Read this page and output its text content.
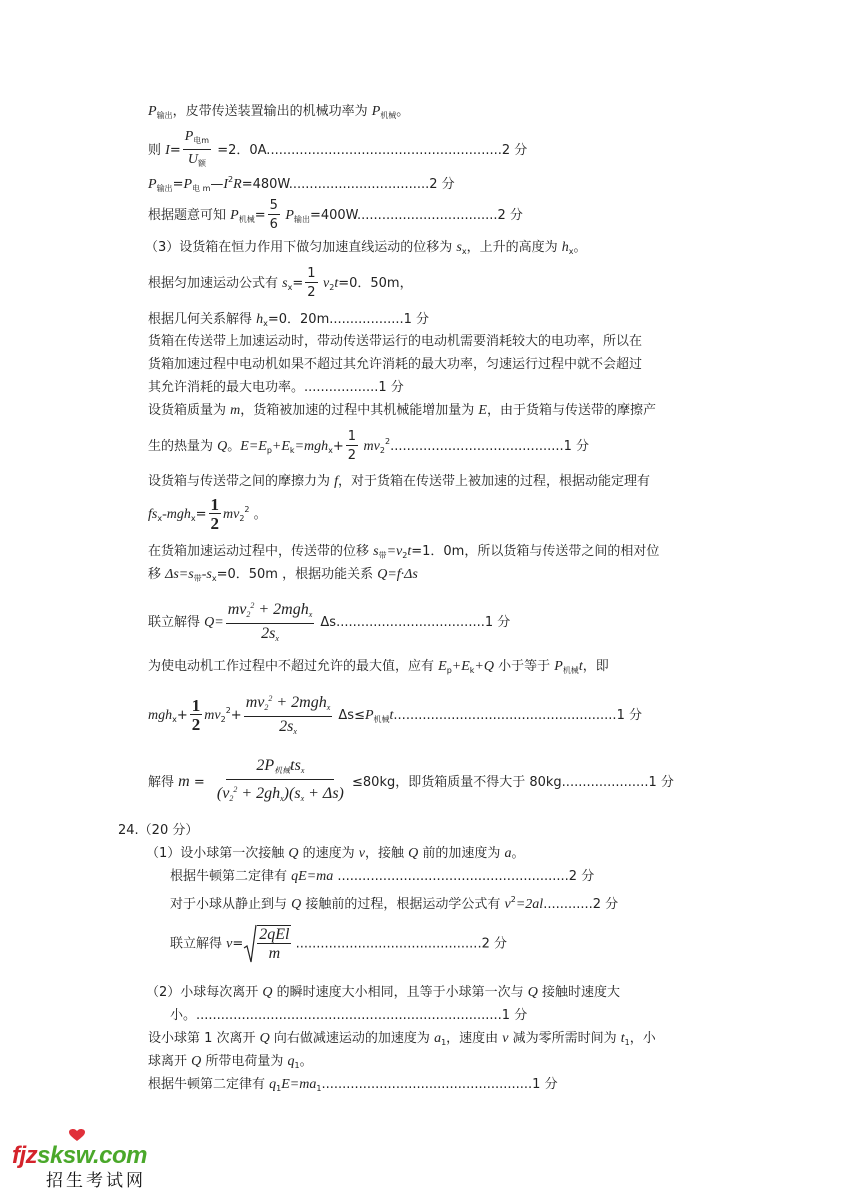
$P_{输出}$，皮带传送装置输出的机械功率为 $P_{机械}$。
则 $I= \frac{P_{电m}}{U_额} =2$．0A.........................................................2 分
$P_{输出}=P_{电 m}—I^2R=480W..................................2$ 分
根据题意可知 $P_{机械}= \frac{5}{6} P_{输出}=400W..................................2$ 分
（3）设货箱在恒力作用下做匀加速直线运动的位移为 $s_x$，上升的高度为 $h_x$。
根据匀加速运动公式有 $s_x= \frac{1}{2} v_2t=0$．50m，
根据几何关系解得 $h_x=0$．20m..................1 分
货箱在传送带上加速运动时，带动传送带运行的电动机需要消耗较大的电功率，所以在
货箱加速过程中电动机如果不超过其允许消耗的最大功率，匀速运行过程中就不会超过
其允许消耗的最大电功率。..................1 分
设货箱质量为 m，货箱被加速的过程中其机械能增加量为 E，由于货箱与传送带的摩擦产
生的热量为 Q。$E=E_p+E_k=mgh_x+ \frac{1}{2} mv_2^2..........................................1$ 分
设货箱与传送带之间的摩擦力为 f，对于货箱在传送带上被加速的过程，根据动能定理有
$fs_x-mgh_x= \frac{1}{2} mv_2^2$ 。
在货箱加速运动过程中，传送带的位移 $s_带=v_2t=1$．0m，所以货箱与传送带之间的相对位
移 $\Delta s=s_带-s_x=0$．50m ，根据功能关系 Q=f·Δs
联立解得 $Q= \frac{mv_2^2 + 2mgh_x}{2s_x} \Delta s....................................1$ 分
为使电动机工作过程中不超过允许的最大值，应有 $E_p+E_k+Q$ 小于等于 $P_{机械}t$，即
$mgh_x+ \frac{1}{2} mv_2^2+ \frac{mv_2^2 + 2mgh_x}{2s_x} \Delta s\le P_{机械}t......................................................1$ 分
解得 $m = \frac{2P_{机械}ts_x}{(v_2^2 + 2gh_x)(s_x + \Delta s)} \le 80kg$，即货箱质量不得大于 80kg.....................1 分
24.（20 分）
（1）设小球第一次接触 Q 的速度为 v，接触 Q 前的加速度为 a。
根据牛顿第二定律有 qE=ma ........................................................2 分
对于小球从静止到与 Q 接触前的过程，根据运动学公式有 $v^2=2al............2$ 分
联立解得 $v= \frac{\text{2qEl}}{m} .............................................2$ 分
（2）小球每次离开 Q 的瞬时速度大小相同，且等于小球第一次与 Q 接触时速度大
小。..........................................................................1 分
设小球第 1 次离开 Q 向右做减速运动的加速度为 $a_1$，速度由 v 减为零所需时间为 $t_1$，小
球离开 Q 所带电荷量为 $q_1$。
根据牛顿第二定律有 $q_1E=ma_1...................................................1$ 分
fjzsksw.com
招生考试网
